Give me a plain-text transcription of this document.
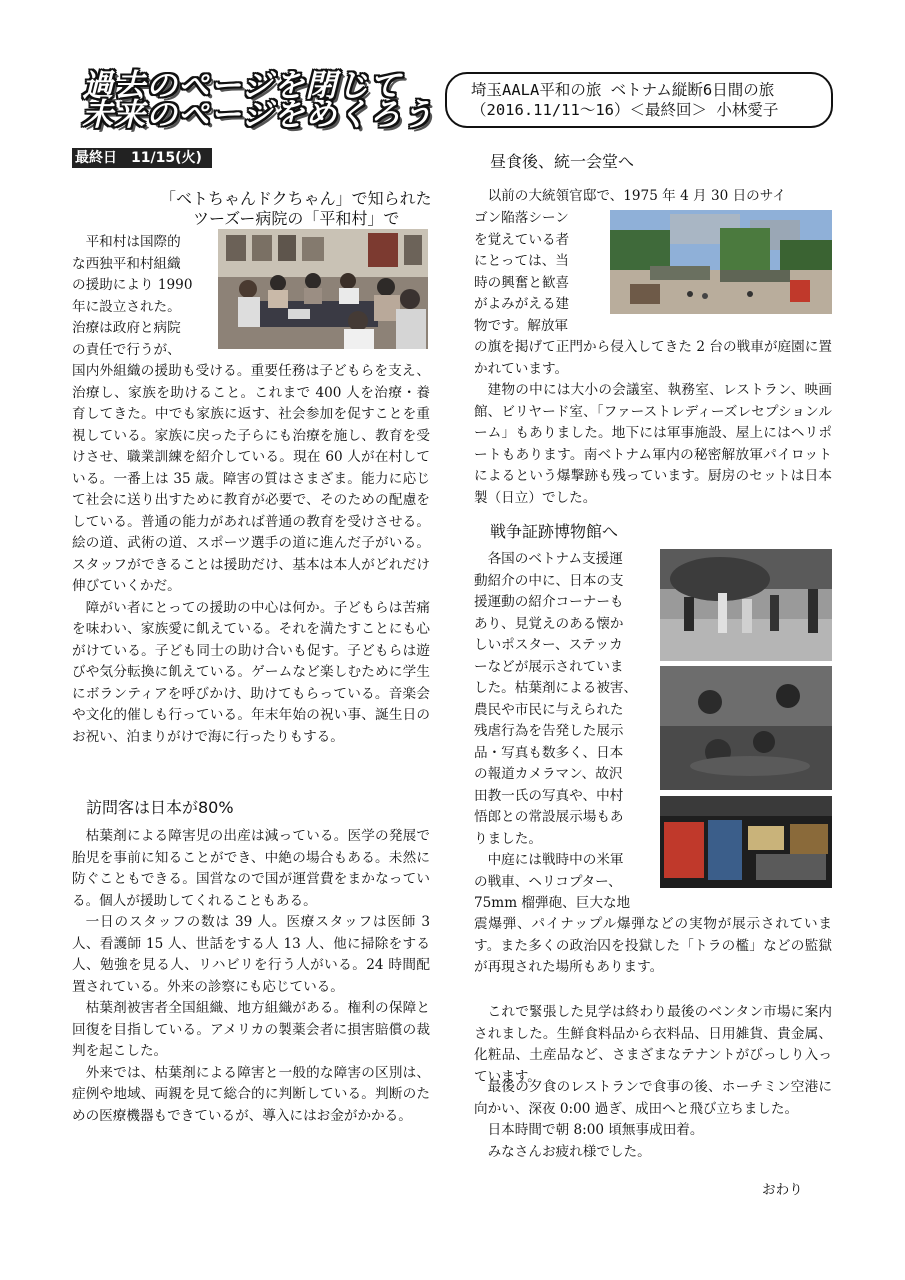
過去のページを閉じて
未来のページをめくろう
埼玉AALA平和の旅 ベトナム縦断6日間の旅
（2016.11/11〜16）＜最終回＞ 小林愛子
最終日　11/15(火)
「ベトちゃんドクちゃん」で知られた
ツーズー病院の「平和村」で
平和村は国際的
な西独平和村組織
の援助により 1990
年に設立された。
治療は政府と病院
の責任で行うが、

国内外組織の援助も受ける。重要任務は子どもらを支え、治療し、家族を助けること。これまで 400 人を治療・養育してきた。中でも家族に返す、社会参加を促すことを重視している。家族に戻った子らにも治療を施し、教育を受けさせ、職業訓練を紹介している。現在 60 人が在村している。一番上は 35 歳。障害の質はさまざま。能力に応じて社会に送り出すために教育が必要で、そのための配慮をしている。普通の能力があれば普通の教育を受けさせる。絵の道、武術の道、スポーツ選手の道に進んだ子がいる。スタッフができることは援助だけ、基本は本人がどれだけ伸びていくかだ。

障がい者にとっての援助の中心は何か。子どもらは苦痛を味わい、家族愛に飢えている。それを満たすことにも心がけている。子ども同士の助け合いも促す。子どもらは遊びや気分転換に飢えている。ゲームなど楽しむために学生にボランティアを呼びかけ、助けてもらっている。音楽会や文化的催しも行っている。年末年始の祝い事、誕生日のお祝い、泊まりがけで海に行ったりもする。

訪問客は日本が80%

枯葉剤による障害児の出産は減っている。医学の発展で胎児を事前に知ることができ、中絶の場合もある。未然に防ぐこともできる。国営なので国が運営費をまかなっている。個人が援助してくれることもある。

一日のスタッフの数は 39 人。医療スタッフは医師 3 人、看護師 15 人、世話をする人 13 人、他に掃除をする人、勉強を見る人、リハビリを行う人がいる。24 時間配置されている。外来の診察にも応じている。

枯葉剤被害者全国組織、地方組織がある。権利の保障と回復を目指している。アメリカの製薬会者に損害賠償の裁判を起こした。

外来では、枯葉剤による障害と一般的な障害の区別は、症例や地域、両親を見て総合的に判断している。判断のための医療機器もできているが、導入にはお金がかかる。

昼食後、統一会堂へ

以前の大統領官邸で、1975 年 4 月 30 日のサイ

ゴン陥落シーン
を覚えている者
にとっては、当
時の興奮と歓喜
がよみがえる建
物です。解放軍

の旗を掲げて正門から侵入してきた 2 台の戦車が庭園に置かれています。

建物の中には大小の会議室、執務室、レストラン、映画館、ビリヤード室、「ファーストレディーズレセプションルーム」もありました。地下には軍事施設、屋上にはヘリポートもあります。南ベトナム軍内の秘密解放軍パイロットによるという爆撃跡も残っています。厨房のセットは日本製（日立）でした。

戦争証跡博物館へ
各国のベトナム支援運
動紹介の中に、日本の支
援運動の紹介コーナーも
あり、見覚えのある懐か
しいポスター、ステッカ
ーなどが展示されていま
した。枯葉剤による被害、
農民や市民に与えられた
残虐行為を告発した展示
品・写真も数多く、日本
の報道カメラマン、故沢
田教一氏の写真や、中村
悟郎との常設展示場もあ
りました。
中庭には戦時中の米軍
の戦車、ヘリコプター、
75mm 榴弾砲、巨大な地

震爆弾、パイナップル爆弾などの実物が展示されています。また多くの政治囚を投獄した「トラの檻」などの監獄が再現された場所もあります。

これで緊張した見学は終わり最後のベンタン市場に案内されました。生鮮食料品から衣料品、日用雑貨、貴金属、化粧品、土産品など、さまざまなテナントがびっしり入っています。

最後の夕食のレストランで食事の後、ホーチミン空港に向かい、深夜 0:00 過ぎ、成田へと飛び立ちました。

日本時間で朝 8:00 頃無事成田着。

みなさんお疲れ様でした。

おわり
